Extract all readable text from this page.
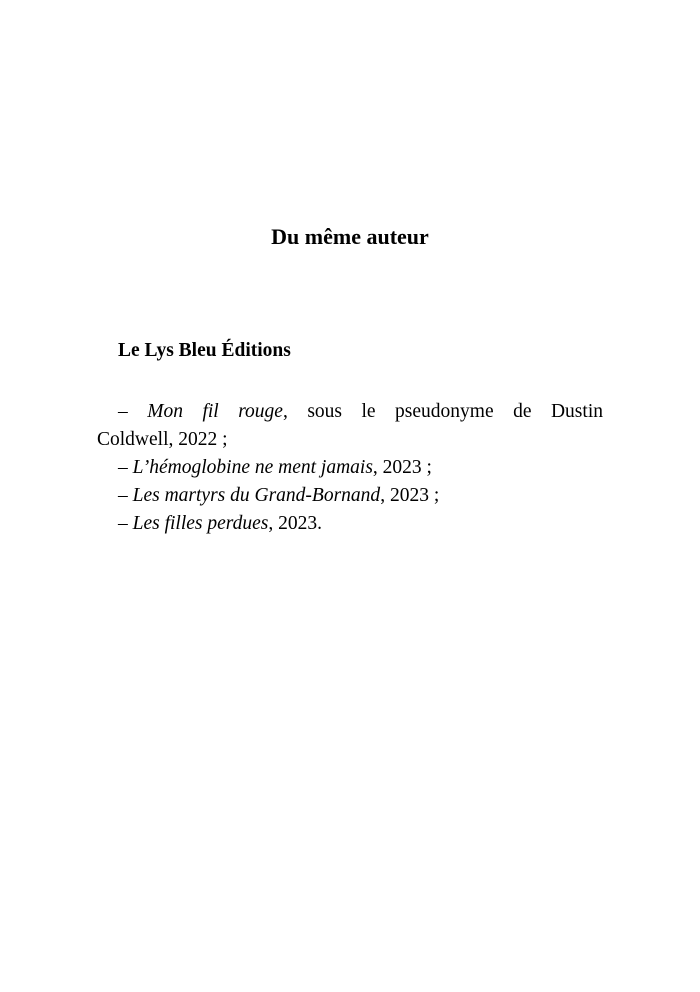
Du même auteur
Le Lys Bleu Éditions
– Mon fil rouge, sous le pseudonyme de Dustin
Coldwell, 2022 ;
– L’hémoglobine ne ment jamais, 2023 ;
– Les martyrs du Grand-Bornand, 2023 ;
– Les filles perdues, 2023.
